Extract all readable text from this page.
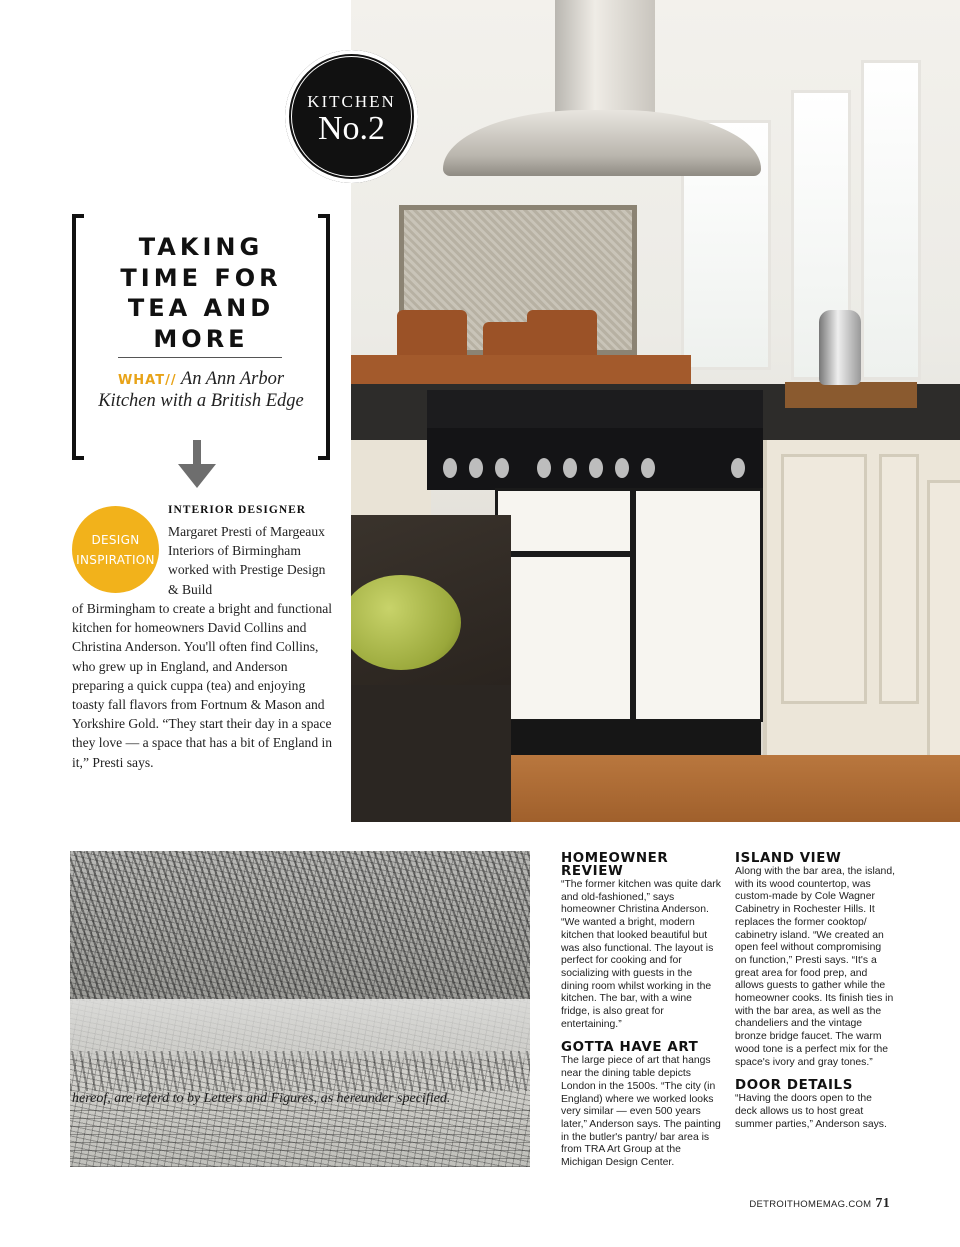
KITCHEN
No.2
TAKING
TIME FOR
TEA AND
MORE
WHAT// An Ann Arbor Kitchen with a British Edge
DESIGN
INSPIRATION
INTERIOR DESIGNER
Margaret Presti of Margeaux Interiors of Birmingham worked with Prestige Design & Build
of Birmingham to create a bright and functional kitchen for homeowners David Collins and Christina Anderson. You'll often find Collins, who grew up in England, and Anderson preparing a quick cuppa (tea) and enjoying toasty fall flavors from Fortnum & Mason and Yorkshire Gold. “They start their day in a space they love — a space that has a bit of England in it,” Presti says.
hereof, are referd to by Letters and Figures, as hereunder specified.
HOMEOWNER REVIEW

“The former kitchen was quite dark and old-fashioned,” says homeowner Christina Anderson. “We wanted a bright, modern kitchen that looked beautiful but was also functional. The layout is perfect for cooking and for socializing with guests in the dining room whilst working in the kitchen. The bar, with a wine fridge, is also great for entertaining.”

GOTTA HAVE ART

The large piece of art that hangs near the dining table depicts London in the 1500s. “The city (in England) where we worked looks very similar — even 500 years later,” Anderson says. The painting in the butler's pantry/ bar area is from TRA Art Group at the Michigan Design Center.

ISLAND VIEW

Along with the bar area, the island, with its wood countertop, was custom-made by Cole Wagner Cabinetry in Rochester Hills. It replaces the former cooktop/ cabinetry island. “We created an open feel without compromising on function,” Presti says. “It's a great area for food prep, and allows guests to gather while the homeowner cooks. Its finish ties in with the bar area, as well as the chandeliers and the vintage bronze bridge faucet. The warm wood tone is a perfect mix for the space's ivory and gray tones.”

DOOR DETAILS

“Having the doors open to the deck allows us to host great summer parties,” Anderson says.

DETROITHOMEMAG.COM 71
